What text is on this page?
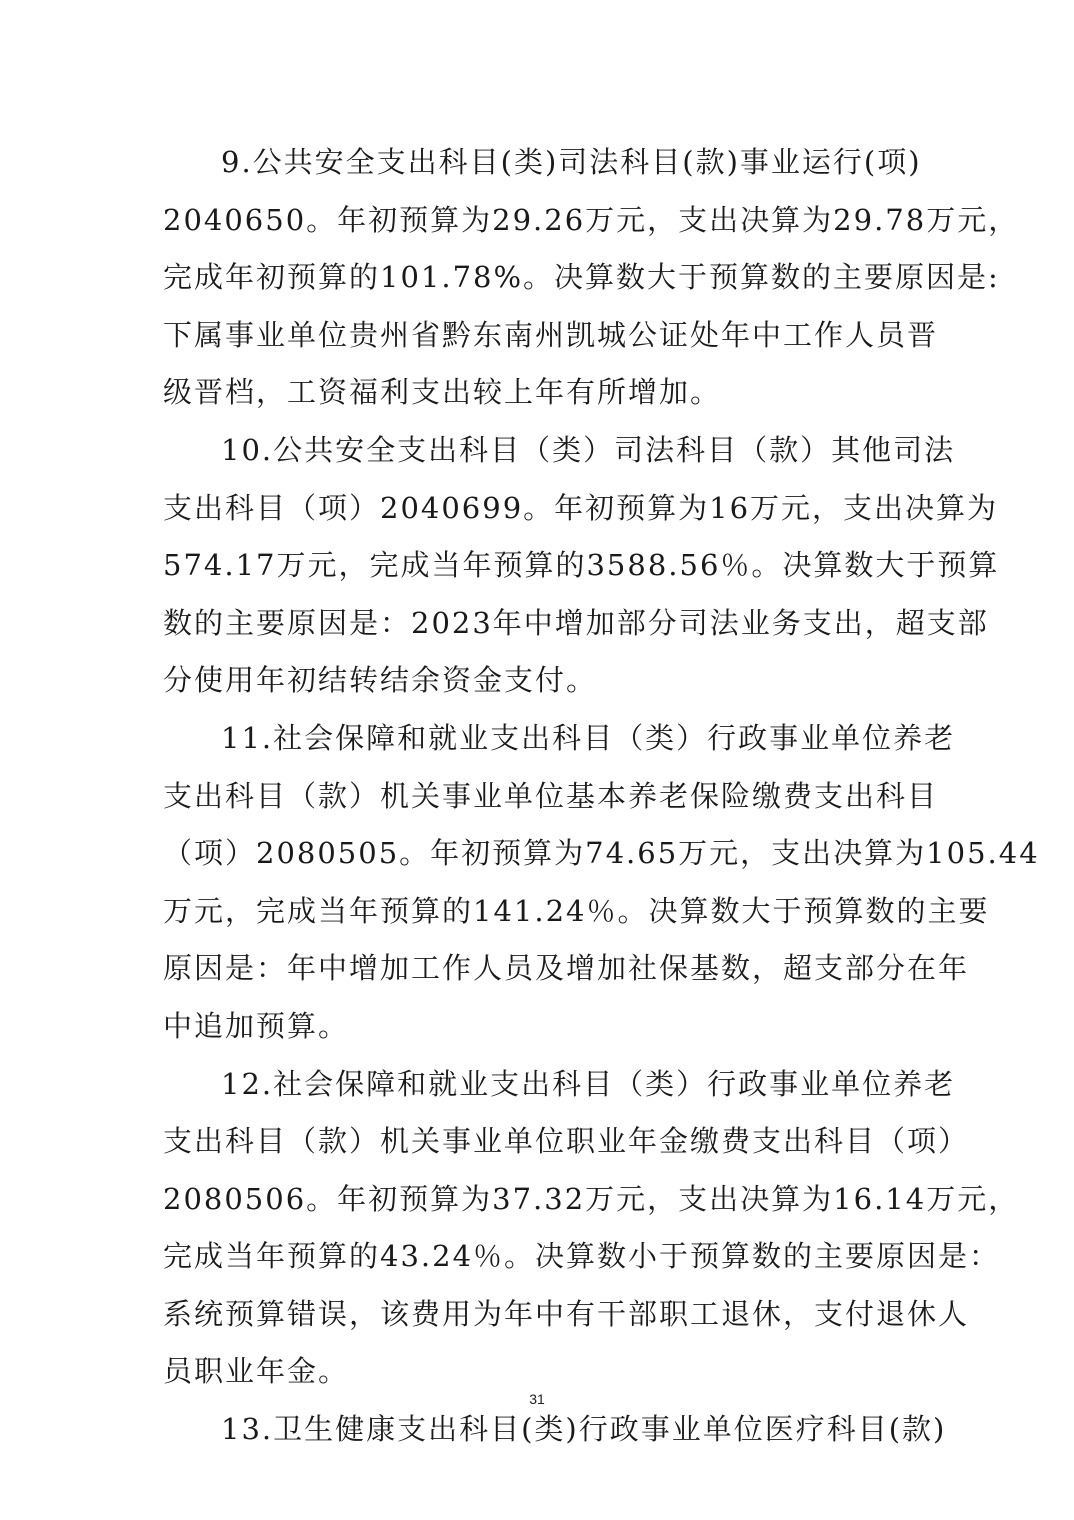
9.公共安全支出科目(类)司法科目(款)事业运行(项)
2040650。年初预算为29.26万元，支出决算为29.78万元，
完成年初预算的101.78%。决算数大于预算数的主要原因是:
下属事业单位贵州省黔东南州凯城公证处年中工作人员晋
级晋档，工资福利支出较上年有所增加。
10.公共安全支出科目（类）司法科目（款）其他司法
支出科目（项）2040699。年初预算为16万元，支出决算为
574.17万元，完成当年预算的3588.56％。决算数大于预算
数的主要原因是：2023年中增加部分司法业务支出，超支部
分使用年初结转结余资金支付。
11.社会保障和就业支出科目（类）行政事业单位养老
支出科目（款）机关事业单位基本养老保险缴费支出科目
（项）2080505。年初预算为74.65万元，支出决算为105.44
万元，完成当年预算的141.24％。决算数大于预算数的主要
原因是：年中增加工作人员及增加社保基数，超支部分在年
中追加预算。
12.社会保障和就业支出科目（类）行政事业单位养老
支出科目（款）机关事业单位职业年金缴费支出科目（项）
2080506。年初预算为37.32万元，支出决算为16.14万元，
完成当年预算的43.24％。决算数小于预算数的主要原因是：
系统预算错误，该费用为年中有干部职工退休，支付退休人
员职业年金。
13.卫生健康支出科目(类)行政事业单位医疗科目(款)
31
